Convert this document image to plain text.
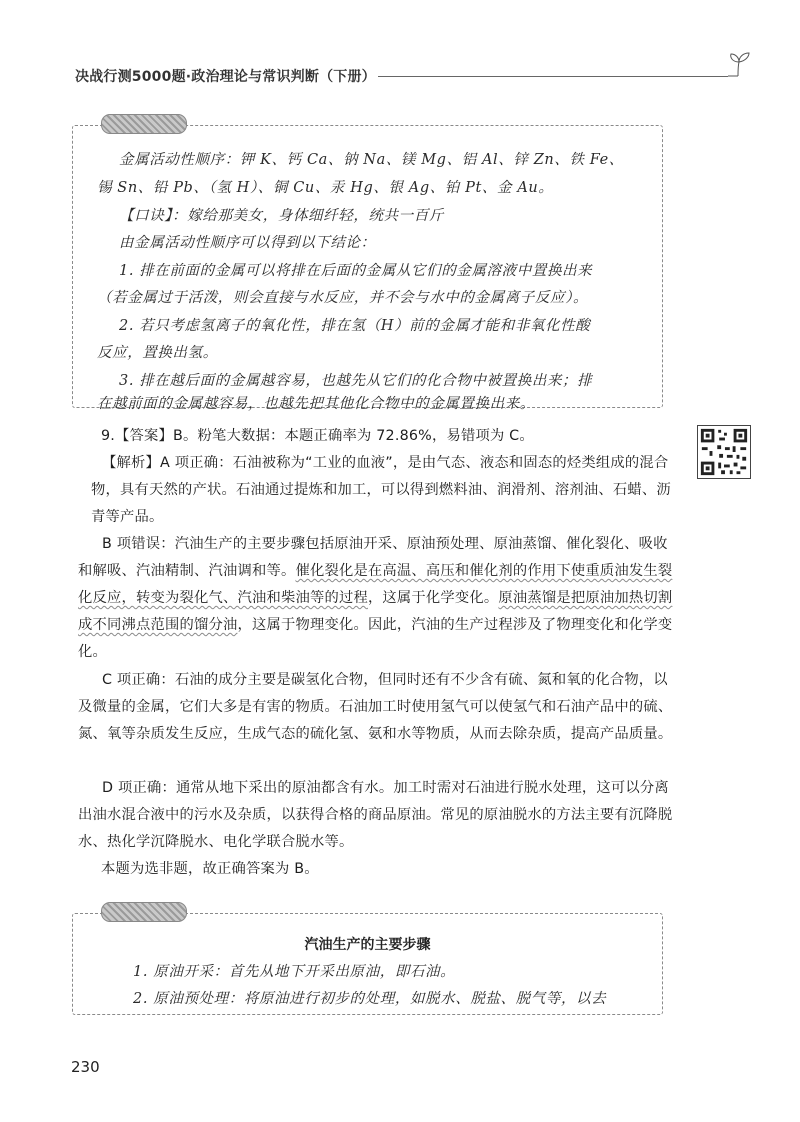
决战行测5000题·政治理论与常识判断（下册）
金属活动性顺序：钾 K、钙 Ca、钠 Na、镁 Mg、铝 Al、锌 Zn、铁 Fe、
锡 Sn、铅 Pb、（氢 H）、铜 Cu、汞 Hg、银 Ag、铂 Pt、金 Au。
【口诀】：嫁给那美女，身体细纤轻，统共一百斤
由金属活动性顺序可以得到以下结论：
1. 排在前面的金属可以将排在后面的金属从它们的金属溶液中置换出来
（若金属过于活泼，则会直接与水反应，并不会与水中的金属离子反应）。
2. 若只考虑氢离子的氧化性，排在氢（H）前的金属才能和非氧化性酸
反应，置换出氢。
3. 排在越后面的金属越容易，也越先从它们的化合物中被置换出来；排
在越前面的金属越容易，也越先把其他化合物中的金属置换出来。

9.【答案】B。粉笔大数据：本题正确率为 72.86%，易错项为 C。

【解析】A 项正确：石油被称为“工业的血液”，是由气态、液态和固态的烃类组成的混合物，具有天然的产状。石油通过提炼和加工，可以得到燃料油、润滑剂、溶剂油、石蜡、沥青等产品。

B 项错误：汽油生产的主要步骤包括原油开采、原油预处理、原油蒸馏、催化裂化、吸收和解吸、汽油精制、汽油调和等。催化裂化是在高温、高压和催化剂的作用下使重质油发生裂化反应，转变为裂化气、汽油和柴油等的过程，这属于化学变化。原油蒸馏是把原油加热切割成不同沸点范围的馏分油，这属于物理变化。因此，汽油的生产过程涉及了物理变化和化学变化。

C 项正确：石油的成分主要是碳氢化合物，但同时还有不少含有硫、氮和氧的化合物，以及微量的金属，它们大多是有害的物质。石油加工时使用氢气可以使氢气和石油产品中的硫、氮、氧等杂质发生反应，生成气态的硫化氢、氨和水等物质，从而去除杂质，提高产品质量。

D 项正确：通常从地下采出的原油都含有水。加工时需对石油进行脱水处理，这可以分离出油水混合液中的污水及杂质，以获得合格的商品原油。常见的原油脱水的方法主要有沉降脱水、热化学沉降脱水、电化学联合脱水等。

本题为选非题，故正确答案为 B。

汽油生产的主要步骤
1. 原油开采：首先从地下开采出原油，即石油。
2. 原油预处理：将原油进行初步的处理，如脱水、脱盐、脱气等，以去
230
